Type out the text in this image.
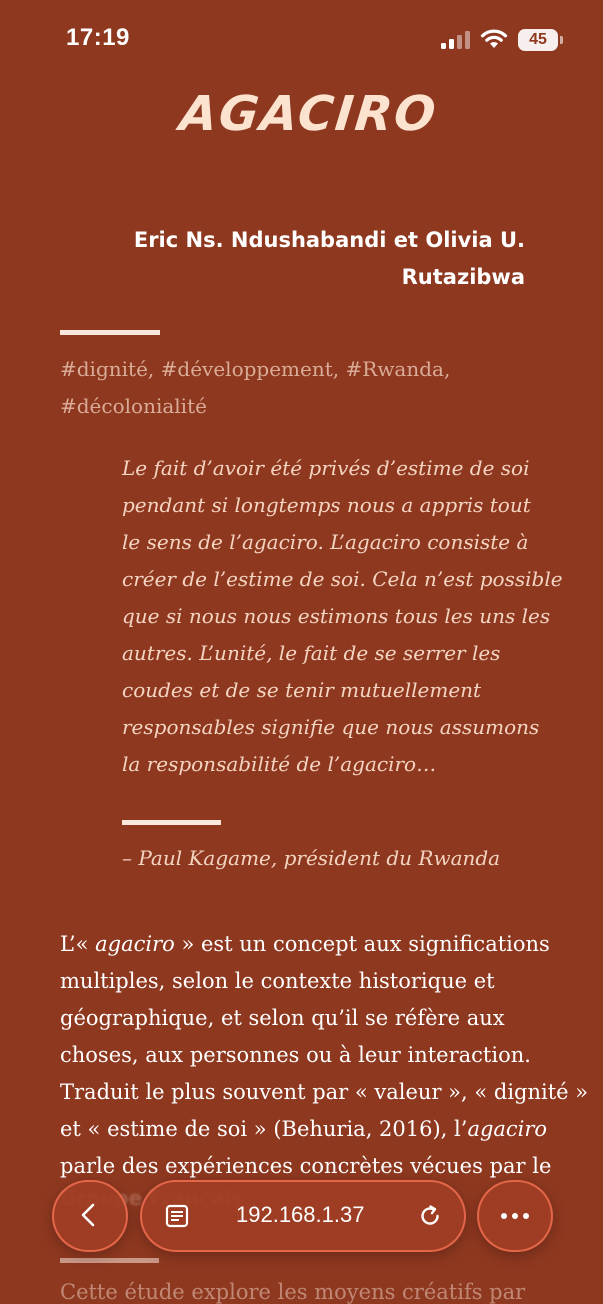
17:19	45
AGACIRO
Eric Ns. Ndushabandi et Olivia U.
Rutazibwa
#dignité, #développement, #Rwanda,
#décolonialité
Le fait d’avoir été privés d’estime de soi
pendant si longtemps nous a appris tout
le sens de l’agaciro. L’agaciro consiste à
créer de l’estime de soi. Cela n’est possible
que si nous nous estimons tous les uns les
autres. L’unité, le fait de se serrer les
coudes et de se tenir mutuellement
responsables signifie que nous assumons
la responsabilité de l’agaciro…
– Paul Kagame, président du Rwanda
L’« agaciro » est un concept aux significations
multiples, selon le contexte historique et
géographique, et selon qu’il se réfère aux
choses, aux personnes ou à leur interaction.
Traduit le plus souvent par « valeur », « dignité »
et « estime de soi » (Behuria, 2016), l’agaciro
parle des expériences concrètes vécues par le
Cette étude explore les moyens créatifs par
192.168.1.37
